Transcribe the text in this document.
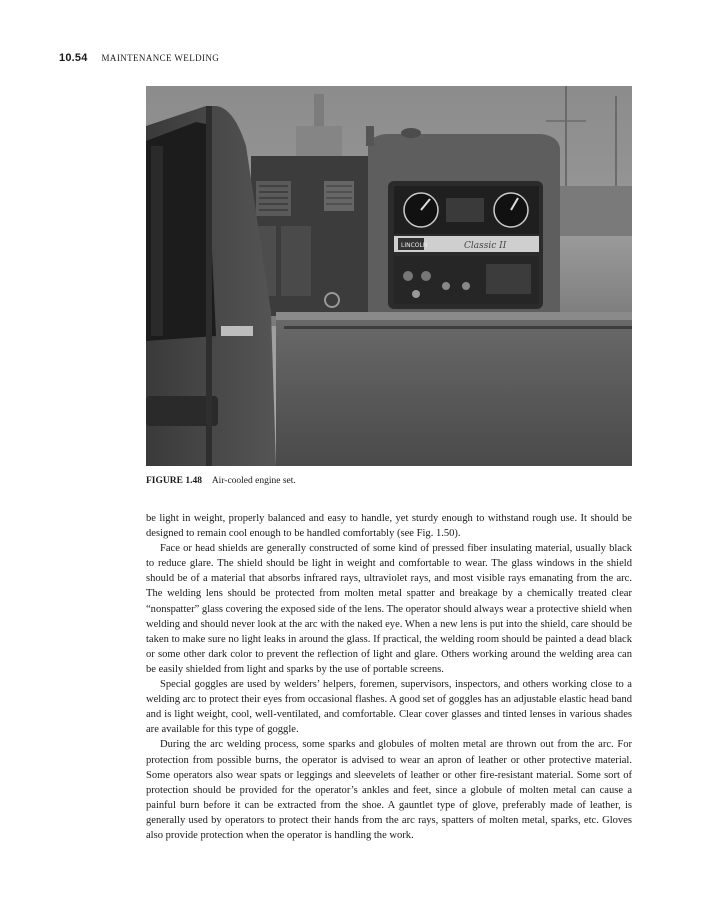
10.54 MAINTENANCE WELDING
LINCOLN	Classic II
FIGURE 1.48 Air-cooled engine set.

be light in weight, properly balanced and easy to handle, yet sturdy enough to withstand rough use. It should be designed to remain cool enough to be handled comfortably (see Fig. 1.50).

Face or head shields are generally constructed of some kind of pressed fiber insulating material, usually black to reduce glare. The shield should be light in weight and comfortable to wear. The glass windows in the shield should be of a material that absorbs infrared rays, ultraviolet rays, and most visible rays emanating from the arc. The welding lens should be protected from molten metal spatter and breakage by a chemically treated clear “nonspatter” glass covering the exposed side of the lens. The operator should always wear a protective shield when welding and should never look at the arc with the naked eye. When a new lens is put into the shield, care should be taken to make sure no light leaks in around the glass. If practical, the welding room should be painted a dead black or some other dark color to prevent the reflection of light and glare. Others working around the welding area can be easily shielded from light and sparks by the use of portable screens.

Special goggles are used by welders’ helpers, foremen, supervisors, inspectors, and others working close to a welding arc to protect their eyes from occasional flashes. A good set of goggles has an adjustable elastic head band and is light weight, cool, well-ventilated, and comfortable. Clear cover glasses and tinted lenses in various shades are available for this type of goggle.

During the arc welding process, some sparks and globules of molten metal are thrown out from the arc. For protection from possible burns, the operator is advised to wear an apron of leather or other protective material. Some operators also wear spats or leggings and sleevelets of leather or other fire-resistant material. Some sort of protection should be provided for the operator’s ankles and feet, since a globule of molten metal can cause a painful burn before it can be extracted from the shoe. A gauntlet type of glove, preferably made of leather, is generally used by operators to protect their hands from the arc rays, spatters of molten metal, sparks, etc. Gloves also provide protection when the operator is handling the work.
